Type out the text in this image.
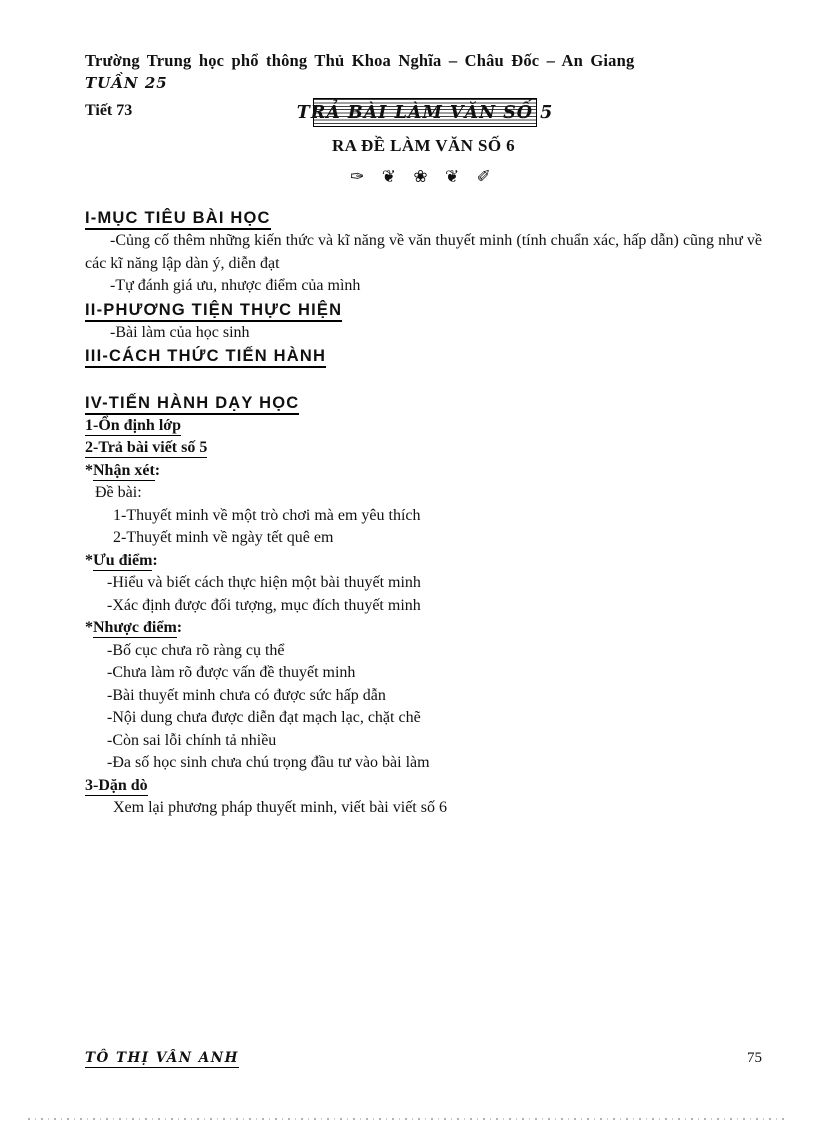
Trường Trung học phổ thông Thủ Khoa Nghĩa – Châu Đốc – An Giang
TUẦN 25
Tiết 73	TRẢ BÀI LÀM VĂN SỐ 5
RA ĐỀ LÀM VĂN SỐ 6
✑ ❦ ❀ ❦ ✐
I-MỤC TIÊU BÀI HỌC

-Củng cố thêm những kiến thức và kĩ năng về văn thuyết minh (tính chuẩn xác, hấp dẫn) cũng như về các kĩ năng lập dàn ý, diễn đạt

-Tự đánh giá ưu, nhược điểm của mình

II-PHƯƠNG TIỆN THỰC HIỆN

-Bài làm của học sinh

III-CÁCH THỨC TIẾN HÀNH
IV-TIẾN HÀNH DẠY HỌC

1-Ổn định lớp

2-Trả bài viết số 5

*Nhận xét:

Đề bài:

1-Thuyết minh về một trò chơi mà em yêu thích

2-Thuyết minh về ngày tết quê em

*Ưu điểm:

-Hiểu và biết cách thực hiện một bài thuyết minh

-Xác định được đối tượng, mục đích thuyết minh

*Nhược điểm:

-Bố cục chưa rõ ràng cụ thể

-Chưa làm rõ được vấn đề thuyết minh

-Bài thuyết minh chưa có được sức hấp dẫn

-Nội dung chưa được diễn đạt mạch lạc, chặt chẽ

-Còn sai lỗi chính tả nhiều

-Đa số học sinh chưa chú trọng đầu tư vào bài làm

3-Dặn dò

Xem lại phương pháp thuyết minh, viết bài viết số 6

TÔ THỊ VÂN ANH	75
